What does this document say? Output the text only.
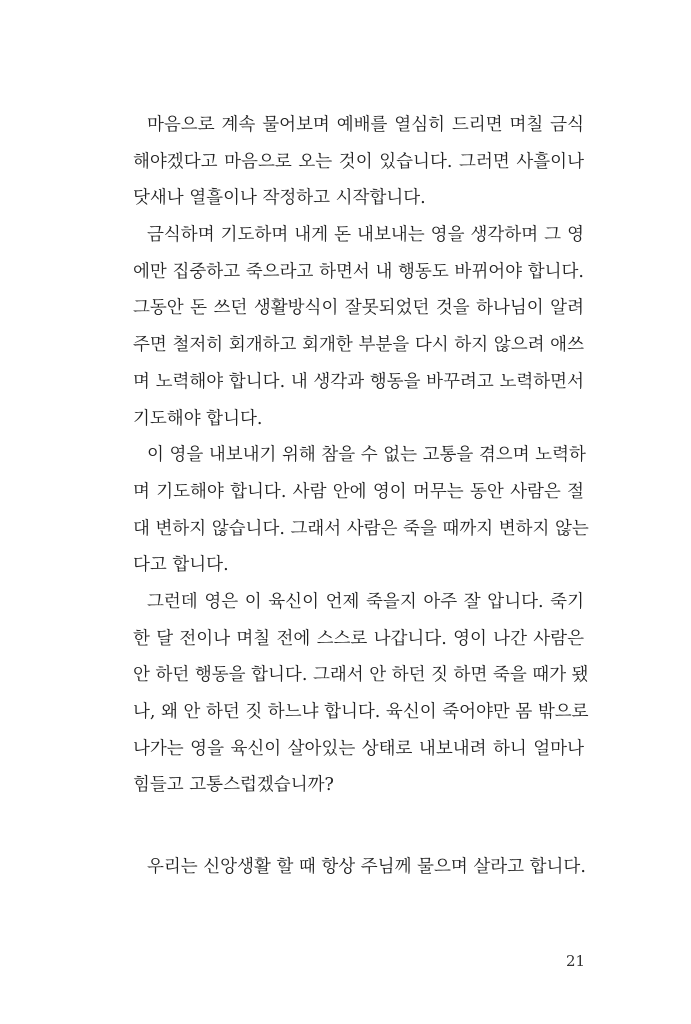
마음으로 계속 물어보며 예배를 열심히 드리면 며칠 금식
해야겠다고 마음으로 오는 것이 있습니다. 그러면 사흘이나
닷새나 열흘이나 작정하고 시작합니다.
금식하며 기도하며 내게 돈 내보내는 영을 생각하며 그 영
에만 집중하고 죽으라고 하면서 내 행동도 바뀌어야 합니다.
그동안 돈 쓰던 생활방식이 잘못되었던 것을 하나님이 알려
주면 철저히 회개하고 회개한 부분을 다시 하지 않으려 애쓰
며 노력해야 합니다. 내 생각과 행동을 바꾸려고 노력하면서
기도해야 합니다.
이 영을 내보내기 위해 참을 수 없는 고통을 겪으며 노력하
며 기도해야 합니다. 사람 안에 영이 머무는 동안 사람은 절
대 변하지 않습니다. 그래서 사람은 죽을 때까지 변하지 않는
다고 합니다.
그런데 영은 이 육신이 언제 죽을지 아주 잘 압니다. 죽기
한 달 전이나 며칠 전에 스스로 나갑니다. 영이 나간 사람은
안 하던 행동을 합니다. 그래서 안 하던 짓 하면 죽을 때가 됐
나, 왜 안 하던 짓 하느냐 합니다. 육신이 죽어야만 몸 밖으로
나가는 영을 육신이 살아있는 상태로 내보내려 하니 얼마나
힘들고 고통스럽겠습니까?
우리는 신앙생활 할 때 항상 주님께 물으며 살라고 합니다.
21
